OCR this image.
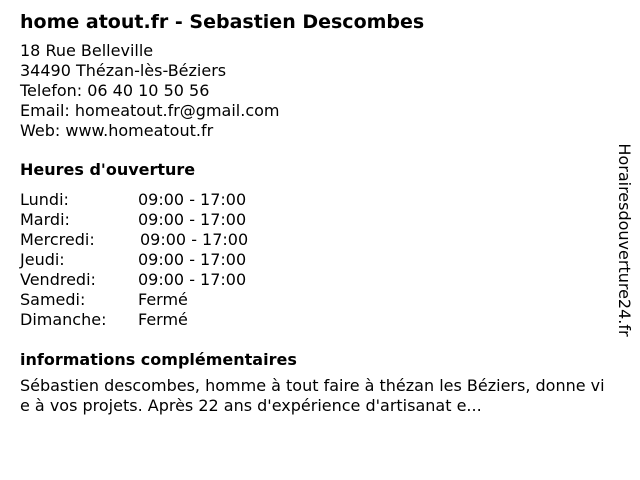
home atout.fr - Sebastien Descombes
18 Rue Belleville
34490 Thézan-lès-Béziers
Telefon: 06 40 10 50 56
Email: homeatout.fr@gmail.com
Web: www.homeatout.fr
Heures d'ouverture
Lundi:	09:00 - 17:00
Mardi:	09:00 - 17:00
Mercredi:	09:00 - 17:00
Jeudi:	09:00 - 17:00
Vendredi:	09:00 - 17:00
Samedi:	Fermé
Dimanche:	Fermé
informations complémentaires
Sébastien descombes, homme à tout faire à thézan les Béziers, donne vie à vos projets. Après 22 ans d'expérience d'artisanat e...
Horairesdouverture24.fr
